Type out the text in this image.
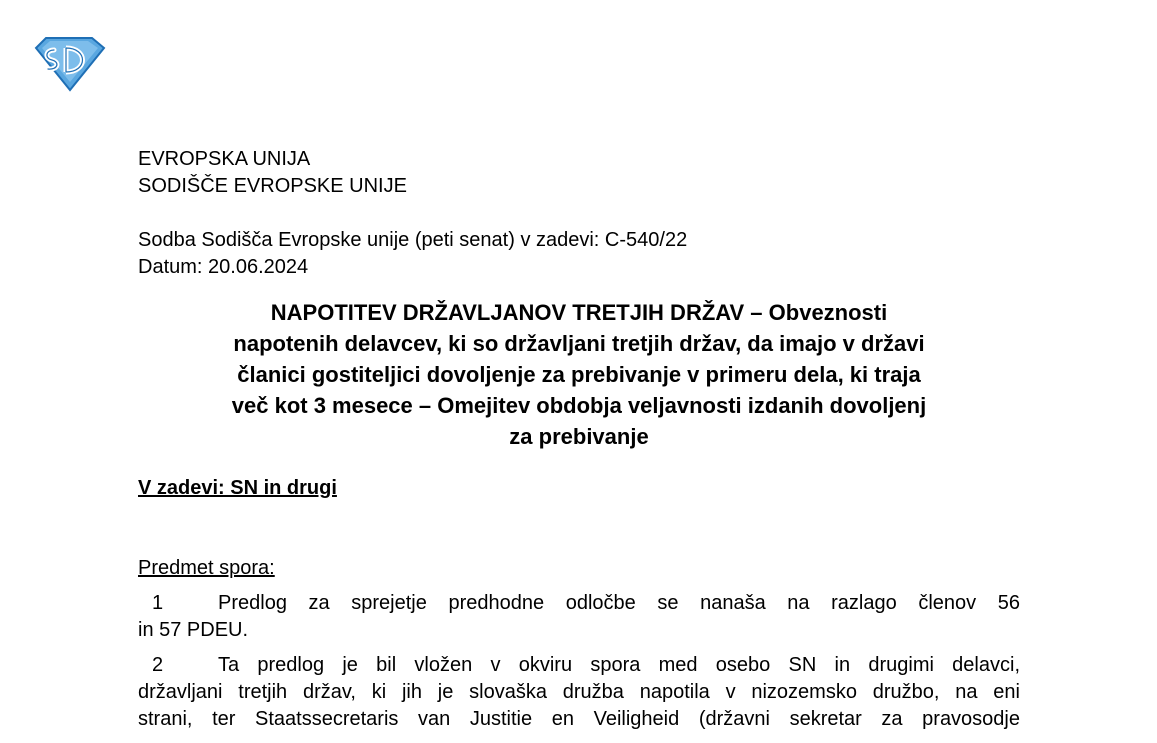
EVROPSKA UNIJA
SODIŠČE EVROPSKE UNIJE
Sodba Sodišča Evropske unije (peti senat) v zadevi: C-540/22
Datum: 20.06.2024
NAPOTITEV DRŽAVLJANOV TRETJIH DRŽAV – Obveznosti
napotenih delavcev, ki so državljani tretjih držav, da imajo v državi
članici gostiteljici dovoljenje za prebivanje v primeru dela, ki traja
več kot 3 mesece – Omejitev obdobja veljavnosti izdanih dovoljenj
za prebivanje
V zadevi: SN in drugi
Predmet spora:
1	Predlog za sprejetje predhodne odločbe se nanaša na razlago členov 56
in 57 PDEU.
2	Ta predlog je bil vložen v okviru spora med osebo SN in drugimi delavci,
državljani tretjih držav, ki jih je slovaška družba napotila v nizozemsko družbo, na eni
strani, ter Staatssecretaris van Justitie en Veiligheid (državni sekretar za pravosodje
